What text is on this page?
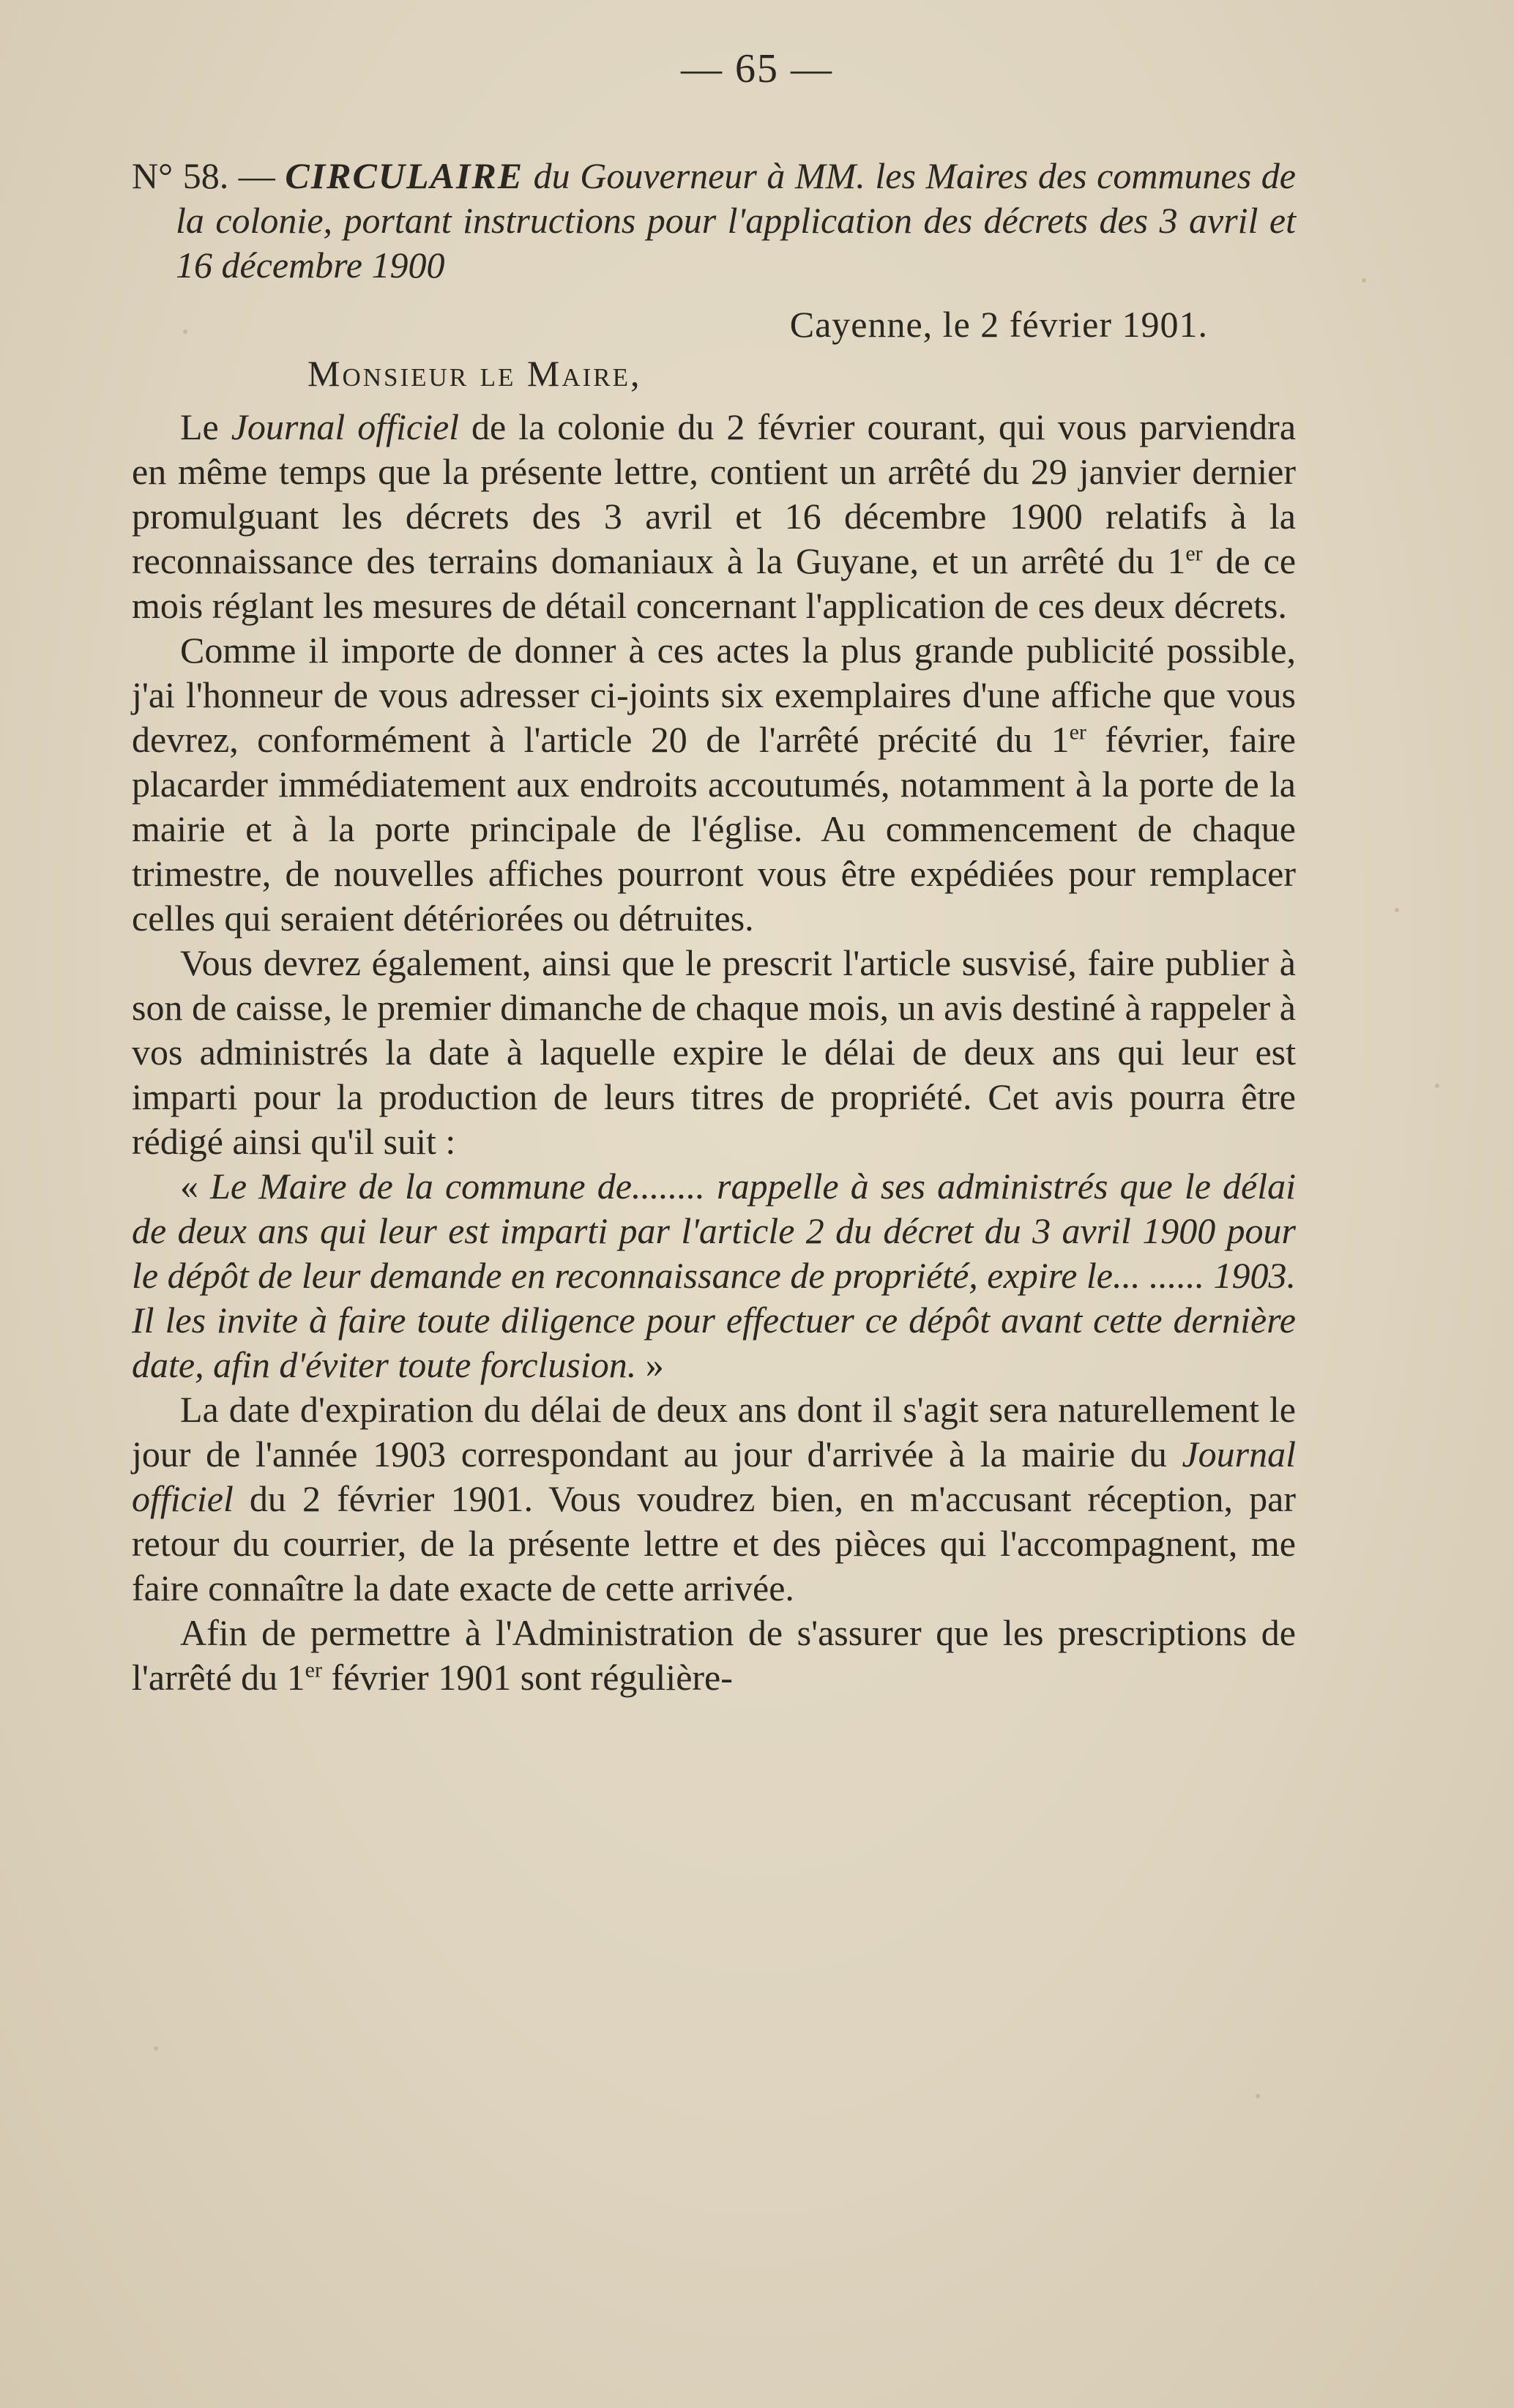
— 65 —

N° 58. — CIRCULAIRE du Gouverneur à MM. les Maires des communes de la colonie, portant instructions pour l'application des décrets des 3 avril et 16 décembre 1900

Cayenne, le 2 février 1901.
Monsieur le Maire,

Le Journal officiel de la colonie du 2 février courant, qui vous parviendra en même temps que la présente lettre, contient un arrêté du 29 janvier dernier promulguant les décrets des 3 avril et 16 décembre 1900 relatifs à la reconnaissance des terrains domaniaux à la Guyane, et un arrêté du 1er de ce mois réglant les mesures de détail concernant l'application de ces deux décrets.

Comme il importe de donner à ces actes la plus grande publicité possible, j'ai l'honneur de vous adresser ci-joints six exemplaires d'une affiche que vous devrez, conformément à l'article 20 de l'arrêté précité du 1er février, faire placarder immédiatement aux endroits accoutumés, notamment à la porte de la mairie et à la porte principale de l'église. Au commencement de chaque trimestre, de nouvelles affiches pourront vous être expédiées pour remplacer celles qui seraient détériorées ou détruites.

Vous devrez également, ainsi que le prescrit l'article susvisé, faire publier à son de caisse, le premier dimanche de chaque mois, un avis destiné à rappeler à vos administrés la date à laquelle expire le délai de deux ans qui leur est imparti pour la production de leurs titres de propriété. Cet avis pourra être rédigé ainsi qu'il suit :

« Le Maire de la commune de........ rappelle à ses administrés que le délai de deux ans qui leur est imparti par l'article 2 du décret du 3 avril 1900 pour le dépôt de leur demande en reconnaissance de propriété, expire le... ...... 1903. Il les invite à faire toute diligence pour effectuer ce dépôt avant cette dernière date, afin d'éviter toute forclusion. »

La date d'expiration du délai de deux ans dont il s'agit sera naturellement le jour de l'année 1903 correspondant au jour d'arrivée à la mairie du Journal officiel du 2 février 1901. Vous voudrez bien, en m'accusant réception, par retour du courrier, de la présente lettre et des pièces qui l'accompagnent, me faire connaître la date exacte de cette arrivée.

Afin de permettre à l'Administration de s'assurer que les prescriptions de l'arrêté du 1er février 1901 sont régulière-
